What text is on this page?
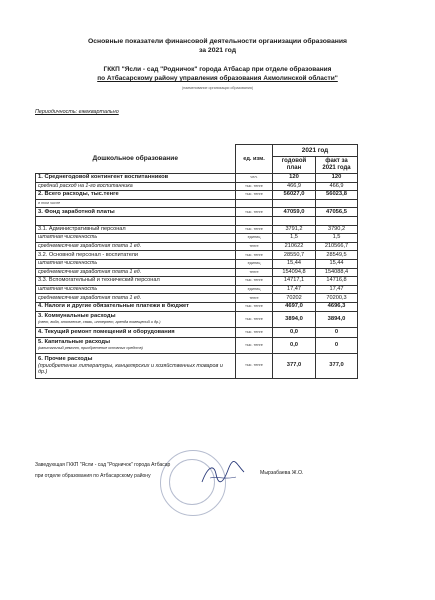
Основные показатели финансовой деятельности организации образования
за 2021 год
ГККП "Ясли - сад "Родничок" города Атбасар при отделе образования
по Атбасарскому району управления образования Акмолинской области"
(наименование организации образования)
Периодичность: ежеквартально
Дошкольное образование	ед. изм.	2021 год	
		годовой план	факт за 2021 года
1. Среднегодовой контингент воспитанников	чел.	120	120
средний расход на 1-го воспитанника	тыс. тенге	466,9	466,9
2. Всего расходы, тыс.тенге	тыс. тенге	56027,0	56023,8
в том числе			
3. Фонд заработной платы	тыс. тенге	47059,0	47056,5

3.1. Административный персонал	тыс. тенге	3791,2	3790,2
штатная численность	единиц	1,5	1,5
среднемесячная заработная плата 1 ед.	тенге	210622	210566,7
3.2. Основной персонал - воспитатели	тыс. тенге	28550,7	28549,5
штатная численность	единиц	15,44	15,44
среднемесячная заработная плата 1 ед.	тенге	154094,8	154088,4
3.3. Вспомогательный и технический персонал	тыс. тенге	14717,1	14716,8
штатная численность	единиц	17,47	17,47
среднемесячная заработная плата 1 ед.	тенге	70202	70200,3
4. Налоги и другие обязательные платежи в бюджет	тыс. тенге	4697,0	4696,3

3. Коммунальные расходы
(свет, вода, отопление, связь, интернет, аренда помещений и др.)	тыс. тенге	3894,0	3894,0

4. Текущий ремонт помещений и оборудования	тыс. тенге	0,0	0

5. Капитальные расходы
(капитальный ремонт, приобретение основных средств)	тыс. тенге	0,0	0

6. Прочие расходы
(приобретение литературы, канцелярских и хозяйственных товаров и др.)	тыс. тенге	377,0	377,0
Заведующая ГККП "Ясли - сад "Родничок" города Атбасар
при отделе образования по Атбасарскому району	Мырзабаева Ж.О.
